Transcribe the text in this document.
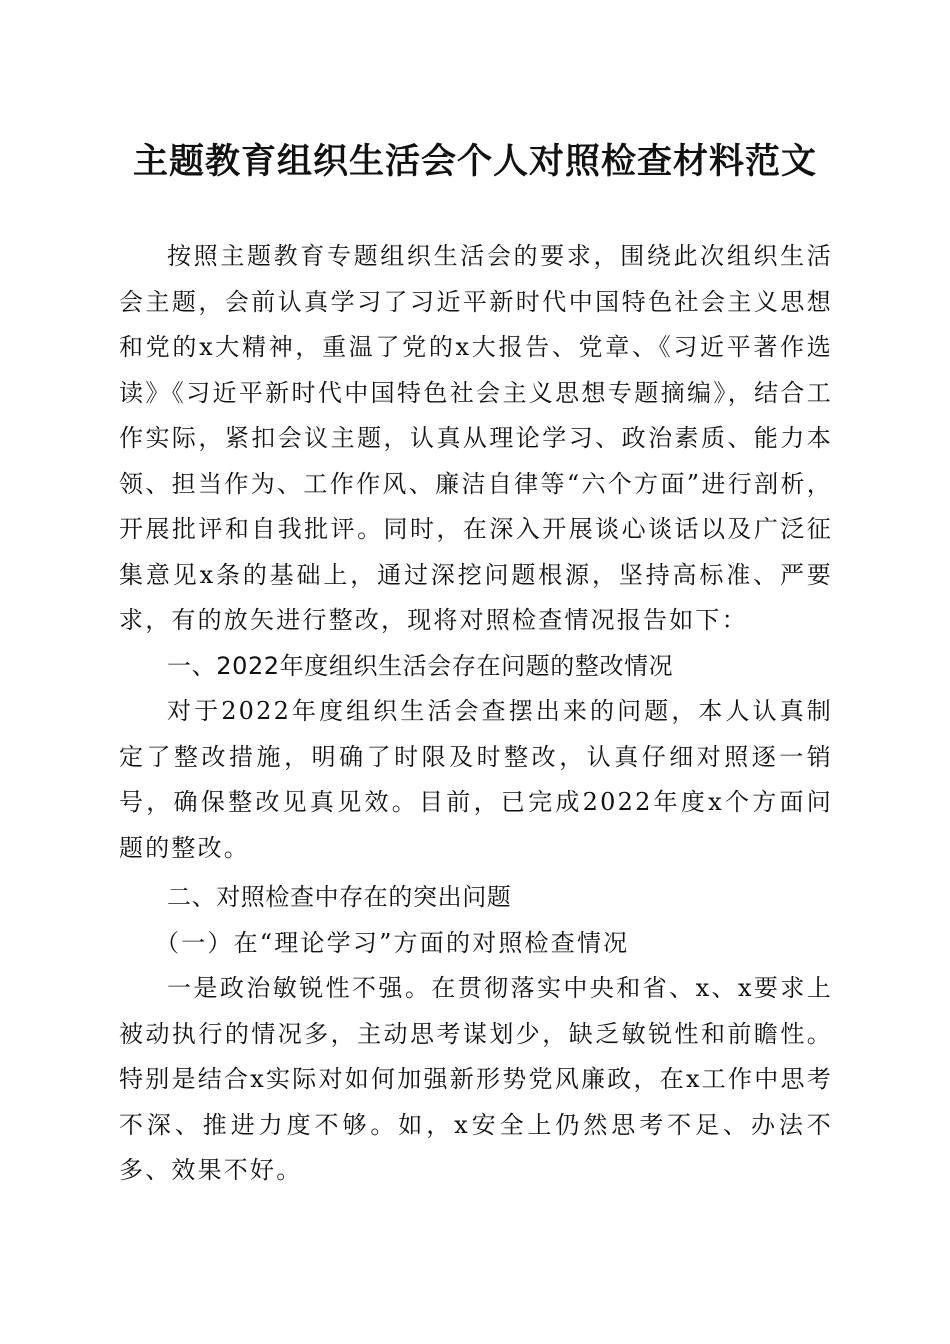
主题教育组织生活会个人对照检查材料范文

按照主题教育专题组织生活会的要求，围绕此次组织生活会主题，会前认真学习了习近平新时代中国特色社会主义思想和党的x大精神，重温了党的x大报告、党章、《习近平著作选读》《习近平新时代中国特色社会主义思想专题摘编》，结合工作实际，紧扣会议主题，认真从理论学习、政治素质、能力本领、担当作为、工作作风、廉洁自律等“六个方面”进行剖析，开展批评和自我批评。同时，在深入开展谈心谈话以及广泛征集意见x条的基础上，通过深挖问题根源，坚持高标准、严要求，有的放矢进行整改，现将对照检查情况报告如下：

一、2022年度组织生活会存在问题的整改情况

对于2022年度组织生活会查摆出来的问题，本人认真制定了整改措施，明确了时限及时整改，认真仔细对照逐一销号，确保整改见真见效。目前，已完成2022年度x个方面问题的整改。

二、对照检查中存在的突出问题

（一）在“理论学习”方面的对照检查情况

一是政治敏锐性不强。在贯彻落实中央和省、x、x要求上被动执行的情况多，主动思考谋划少，缺乏敏锐性和前瞻性。特别是结合x实际对如何加强新形势党风廉政，在x工作中思考不深、推进力度不够。如，x安全上仍然思考不足、办法不多、效果不好。
